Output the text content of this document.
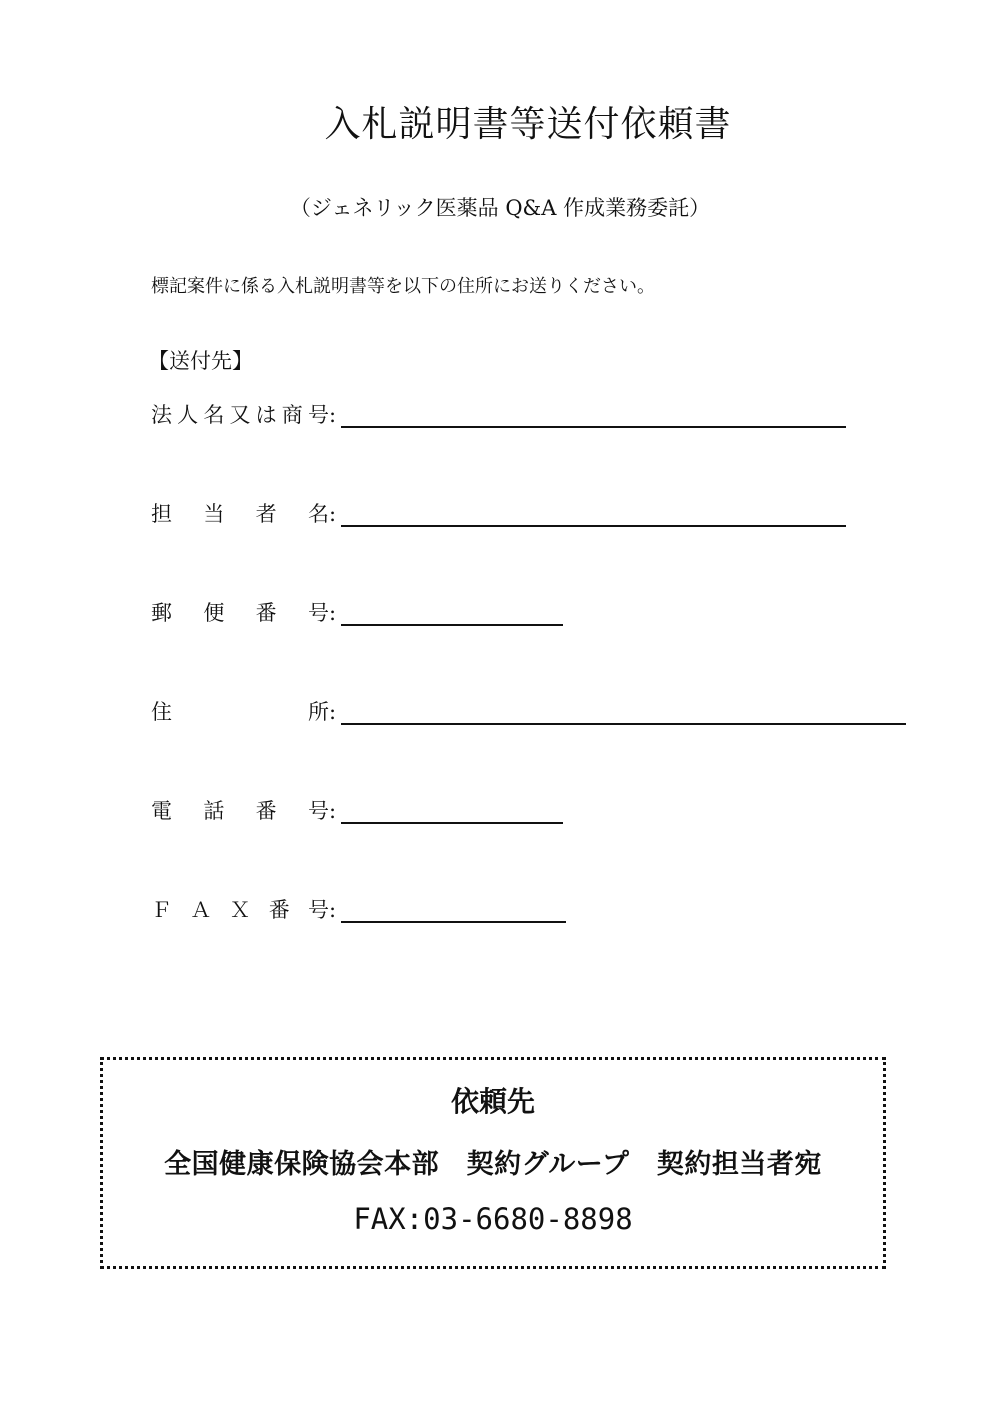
入札説明書等送付依頼書
（ジェネリック医薬品 Q&A 作成業務委託）
標記案件に係る入札説明書等を以下の住所にお送りください。
【送付先】
法 人 名 又 は 商 号 :
担 当 者 名 :
郵 便 番 号 :
住	所 :
電 話 番 号 :
Ｆ Ａ Ｘ 番 号 :
依頼先
全国健康保険協会本部　契約グループ　契約担当者宛
FAX:03-6680-8898
